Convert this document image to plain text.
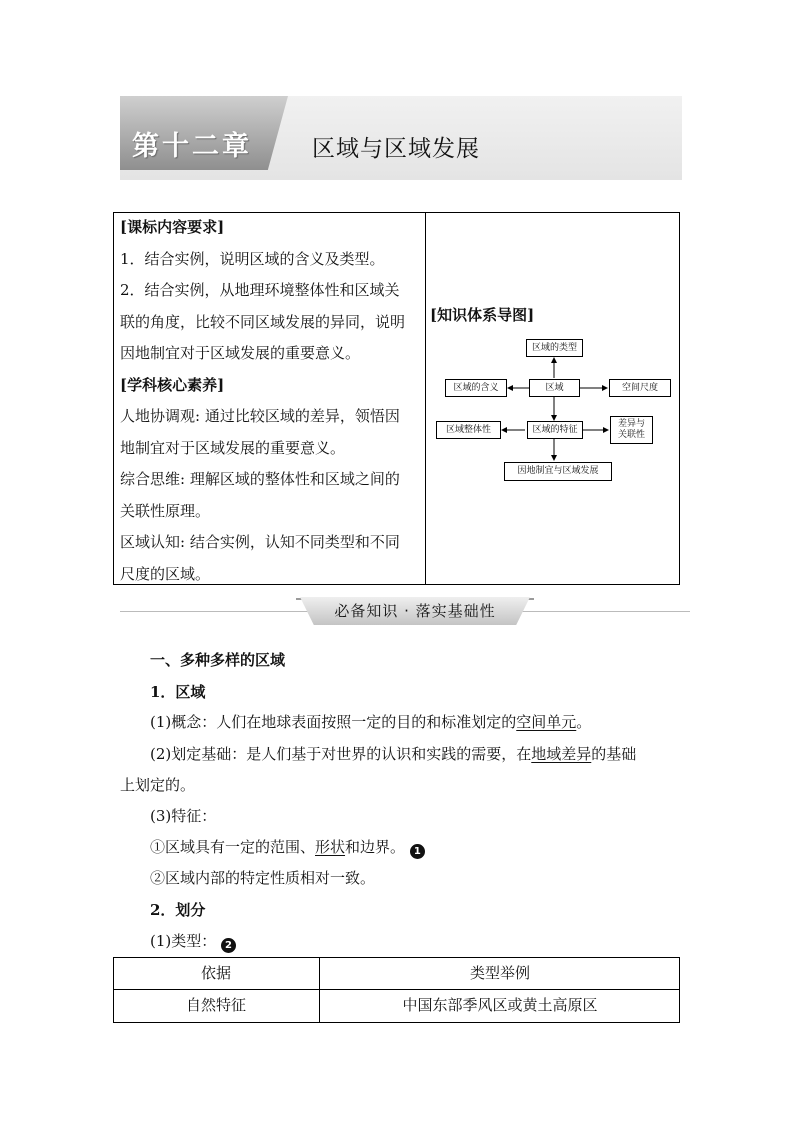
第十二章	区域与区域发展
[课标内容要求]
1．结合实例，说明区域的含义及类型。
2．结合实例，从地理环境整体性和区域关
联的角度，比较不同区域发展的异同，说明
因地制宜对于区域发展的重要意义。
[学科核心素养]
人地协调观: 通过比较区域的差异，领悟因
地制宜对于区域发展的重要意义。
综合思维: 理解区域的整体性和区域之间的
关联性原理。
区域认知: 结合实例，认知不同类型和不同
尺度的区域。
[知识体系导图]
区域的类型
区域的含义	区域	空间尺度
区域整体性	区域的特征
差异与
关联性
因地制宜与区域发展
必备知识 · 落实基础性
一、多种多样的区域
1．区域
(1)概念：人们在地球表面按照一定的目的和标准划定的空间单元。
(2)划定基础：是人们基于对世界的认识和实践的需要，在地域差异的基础
上划定的。
(3)特征：
①区域具有一定的范围、形状和边界。 1
②区域内部的特定性质相对一致。
2．划分
(1)类型： 2
依据	类型举例
自然特征	中国东部季风区或黄土高原区
